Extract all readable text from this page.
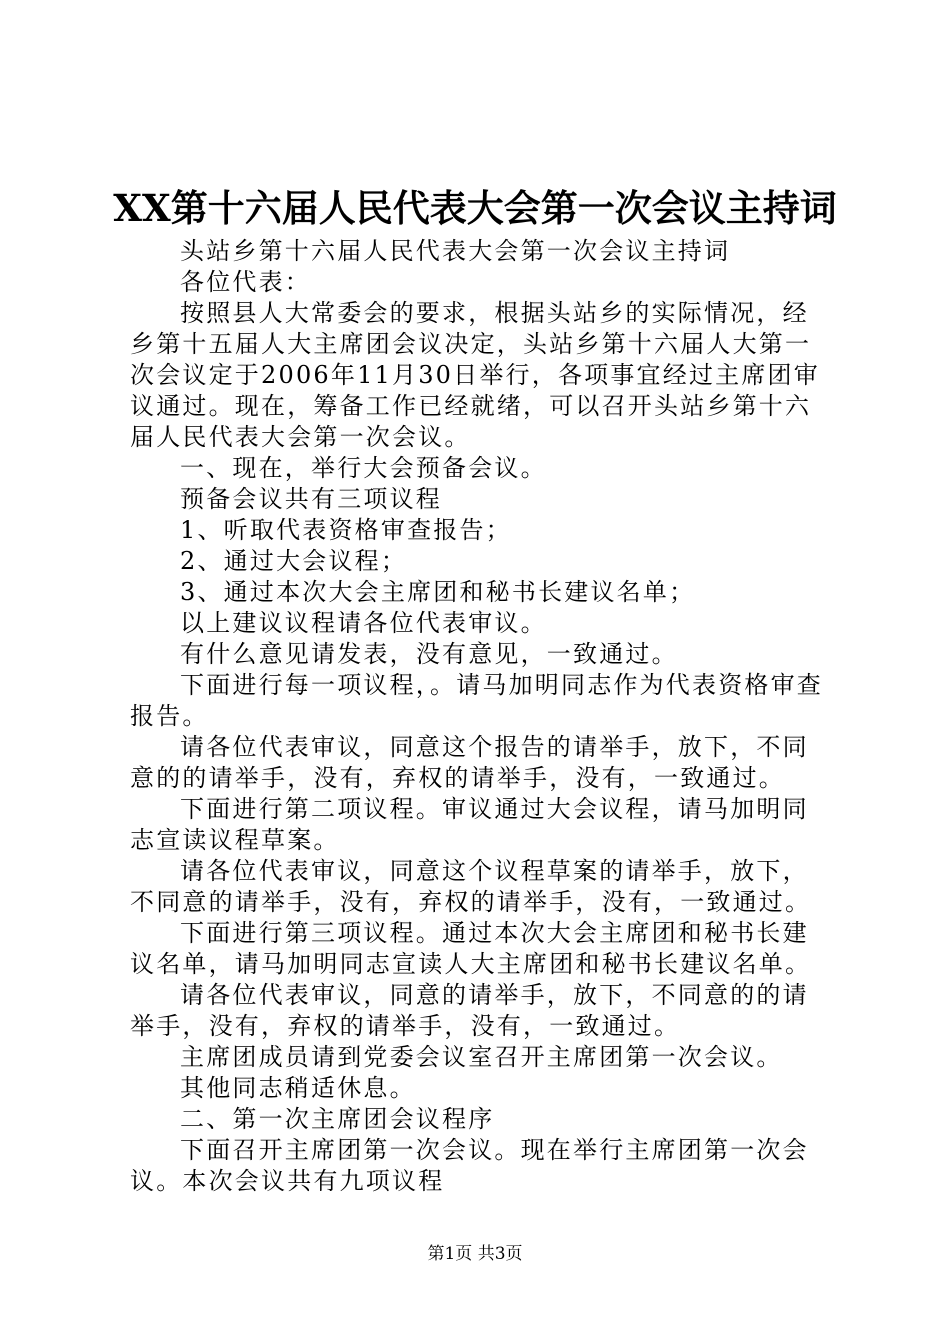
XX第十六届人民代表大会第一次会议主持词

头站乡第十六届人民代表大会第一次会议主持词

各位代表：

按照县人大常委会的要求，根据头站乡的实际情况，经乡第十五届人大主席团会议决定，头站乡第十六届人大第一次会议定于2006年11月30日举行，各项事宜经过主席团审议通过。现在，筹备工作已经就绪，可以召开头站乡第十六届人民代表大会第一次会议。

一、现在，举行大会预备会议。

预备会议共有三项议程

1、听取代表资格审查报告；

2、通过大会议程；

3、通过本次大会主席团和秘书长建议名单；

以上建议议程请各位代表审议。

有什么意见请发表，没有意见，一致通过。

下面进行每一项议程，。请马加明同志作为代表资格审查报告。

请各位代表审议，同意这个报告的请举手，放下，不同意的的请举手，没有，弃权的请举手，没有，一致通过。

下面进行第二项议程。审议通过大会议程，请马加明同志宣读议程草案。

请各位代表审议，同意这个议程草案的请举手，放下，不同意的请举手，没有，弃权的请举手，没有，一致通过。

下面进行第三项议程。通过本次大会主席团和秘书长建议名单，请马加明同志宣读人大主席团和秘书长建议名单。

请各位代表审议，同意的请举手，放下，不同意的的请举手，没有，弃权的请举手，没有，一致通过。

主席团成员请到党委会议室召开主席团第一次会议。

其他同志稍适休息。

二、第一次主席团会议程序

下面召开主席团第一次会议。现在举行主席团第一次会议。本次会议共有九项议程

第1页 共3页
